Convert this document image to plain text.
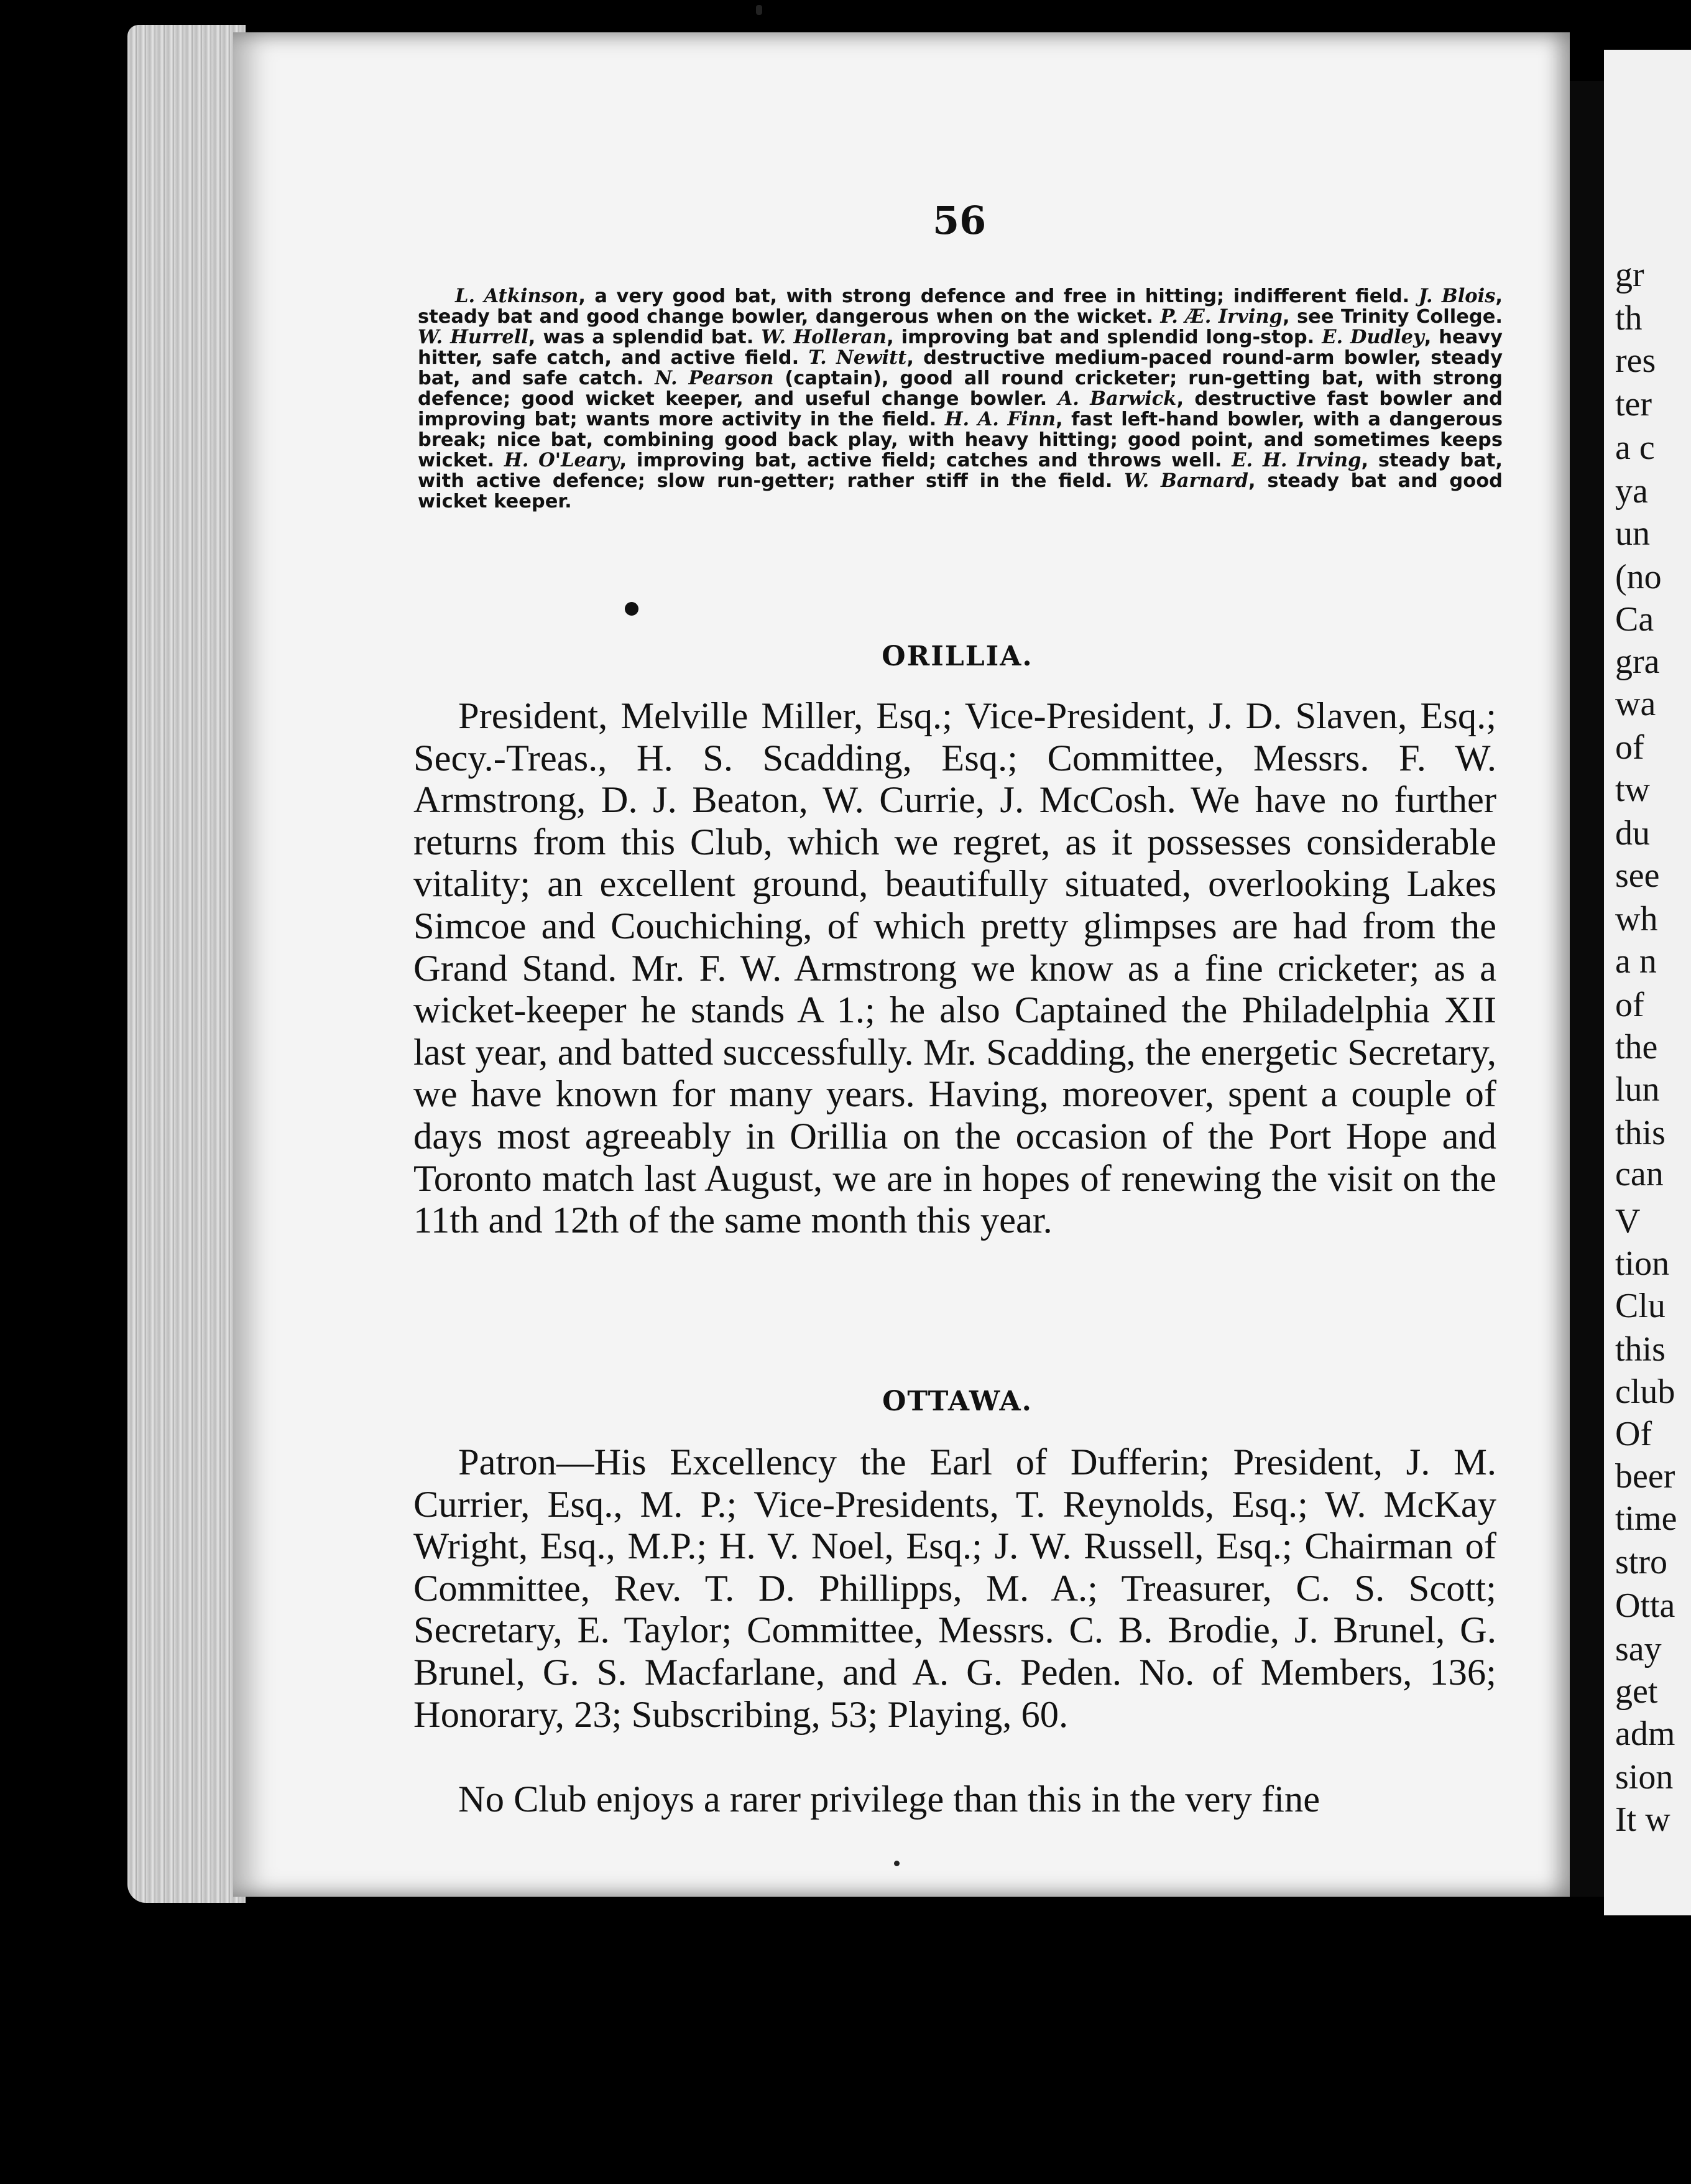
gr
th
res
ter
a c
ya
un
(no
Ca
gra
wa
of
tw
du
see
wh
a n
of
the
lun
this
can
V
tion
Clu
this
club
Of
beer
time
stro
Otta
say
get
adm
sion
It w
56
L. Atkinson, a very good bat, with strong defence and free in hitting; indifferent field. J. Blois, steady bat and good change bowler, dangerous when on the wicket. P. Æ. Irving, see Trinity College. W. Hurrell, was a splendid bat. W. Holleran, improving bat and splendid long-stop. E. Dudley, heavy hitter, safe catch, and active field. T. Newitt, destructive medium-paced round-arm bowler, steady bat, and safe catch. N. Pearson (captain), good all round cricketer; run-getting bat, with strong defence; good wicket keeper, and useful change bowler. A. Barwick, destructive fast bowler and improving bat; wants more activity in the field. H. A. Finn, fast left-hand bowler, with a dangerous break; nice bat, combining good back play, with heavy hitting; good point, and sometimes keeps wicket. H. O'Leary, improving bat, active field; catches and throws well. E. H. Irving, steady bat, with active defence; slow run-getter; rather stiff in the field. W. Barnard, steady bat and good wicket keeper.
ORILLIA.
President, Melville Miller, Esq.; Vice-President, J. D. Slaven, Esq.; Secy.-Treas., H. S. Scadding, Esq.; Committee, Messrs. F. W. Armstrong, D. J. Beaton, W. Currie, J. McCosh. We have no further returns from this Club, which we regret, as it possesses considerable vitality; an excellent ground, beautifully situated, overlooking Lakes Simcoe and Couchiching, of which pretty glimpses are had from the Grand Stand. Mr. F. W. Armstrong we know as a fine cricketer; as a wicket-keeper he stands A 1.; he also Captained the Philadelphia XII last year, and batted successfully. Mr. Scadding, the energetic Secretary, we have known for many years. Having, moreover, spent a couple of days most agreeably in Orillia on the occasion of the Port Hope and Toronto match last August, we are in hopes of renewing the visit on the 11th and 12th of the same month this year.
OTTAWA.
Patron—His Excellency the Earl of Dufferin; President, J. M. Currier, Esq., M. P.; Vice-Presidents, T. Reynolds, Esq.; W. McKay Wright, Esq., M.P.; H. V. Noel, Esq.; J. W. Russell, Esq.; Chairman of Committee, Rev. T. D. Phillipps, M. A.; Treasurer, C. S. Scott; Secretary, E. Taylor; Committee, Messrs. C. B. Brodie, J. Brunel, G. Brunel, G. S. Macfarlane, and A. G. Peden. No. of Members, 136; Honorary, 23; Subscribing, 53; Playing, 60.
No Club enjoys a rarer privilege than this in the very fine
